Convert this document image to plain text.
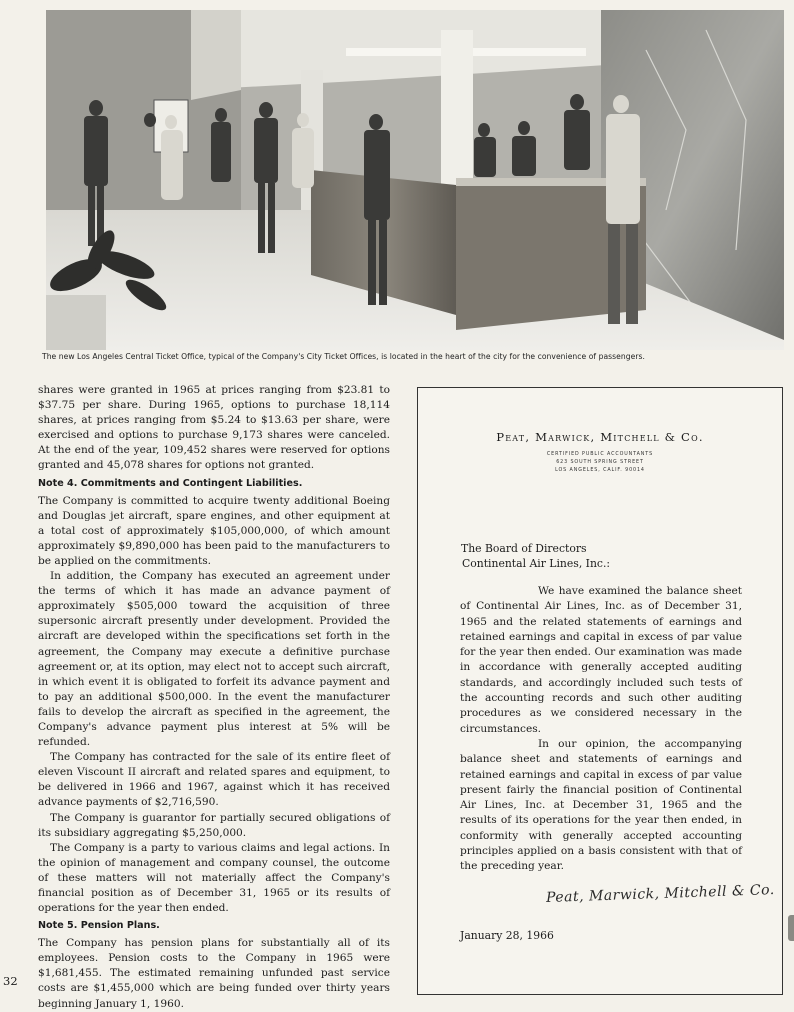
The new Los Angeles Central Ticket Office, typical of the Company's City Ticket Offices, is located in the heart of the city for the convenience of passengers.

shares were granted in 1965 at prices ranging from $23.81 to $37.75 per share. During 1965, options to purchase 18,114 shares, at prices ranging from $5.24 to $13.63 per share, were exercised and options to purchase 9,173 shares were canceled. At the end of the year, 109,452 shares were reserved for options granted and 45,078 shares for options not granted.

Note 4. Commitments and Contingent Liabilities.

The Company is committed to acquire twenty additional Boeing and Douglas jet aircraft, spare engines, and other equipment at a total cost of approximately $105,000,000, of which amount approximately $9,890,000 has been paid to the manufacturers to be applied on the commitments.

In addition, the Company has executed an agreement under the terms of which it has made an advance payment of approximately $505,000 toward the acquisition of three supersonic aircraft presently under development. Provided the aircraft are developed within the specifications set forth in the agreement, the Company may execute a definitive purchase agreement or, at its option, may elect not to accept such aircraft, in which event it is obligated to forfeit its advance payment and to pay an additional $500,000. In the event the manufacturer fails to develop the aircraft as specified in the agreement, the Company's advance payment plus interest at 5% will be refunded.

The Company has contracted for the sale of its entire fleet of eleven Viscount II aircraft and related spares and equipment, to be delivered in 1966 and 1967, against which it has received advance payments of $2,716,590.

The Company is guarantor for partially secured obligations of its subsidiary aggregating $5,250,000.

The Company is a party to various claims and legal actions. In the opinion of management and company counsel, the outcome of these matters will not materially affect the Company's financial position as of December 31, 1965 or its results of operations for the year then ended.

Note 5. Pension Plans.

The Company has pension plans for substantially all of its employees. Pension costs to the Company in 1965 were $1,681,455. The estimated remaining unfunded past service costs are $1,455,000 which are being funded over thirty years beginning January 1, 1960.

32
Peat, Marwick, Mitchell & Co.
CERTIFIED PUBLIC ACCOUNTANTS
623 SOUTH SPRING STREET
LOS ANGELES, CALIF. 90014
The Board of Directors
Continental Air Lines, Inc.:

We have examined the balance sheet of Continental Air Lines, Inc. as of December 31, 1965 and the related statements of earnings and retained earnings and capital in excess of par value for the year then ended. Our examination was made in accordance with generally accepted auditing standards, and accordingly included such tests of the accounting records and such other auditing procedures as we considered necessary in the circumstances.

In our opinion, the accompanying balance sheet and statements of earnings and retained earnings and capital in excess of par value present fairly the financial position of Continental Air Lines, Inc. at December 31, 1965 and the results of its operations for the year then ended, in conformity with generally accepted accounting principles applied on a basis consistent with that of the preceding year.

Peat, Marwick, Mitchell & Co.
January 28, 1966
